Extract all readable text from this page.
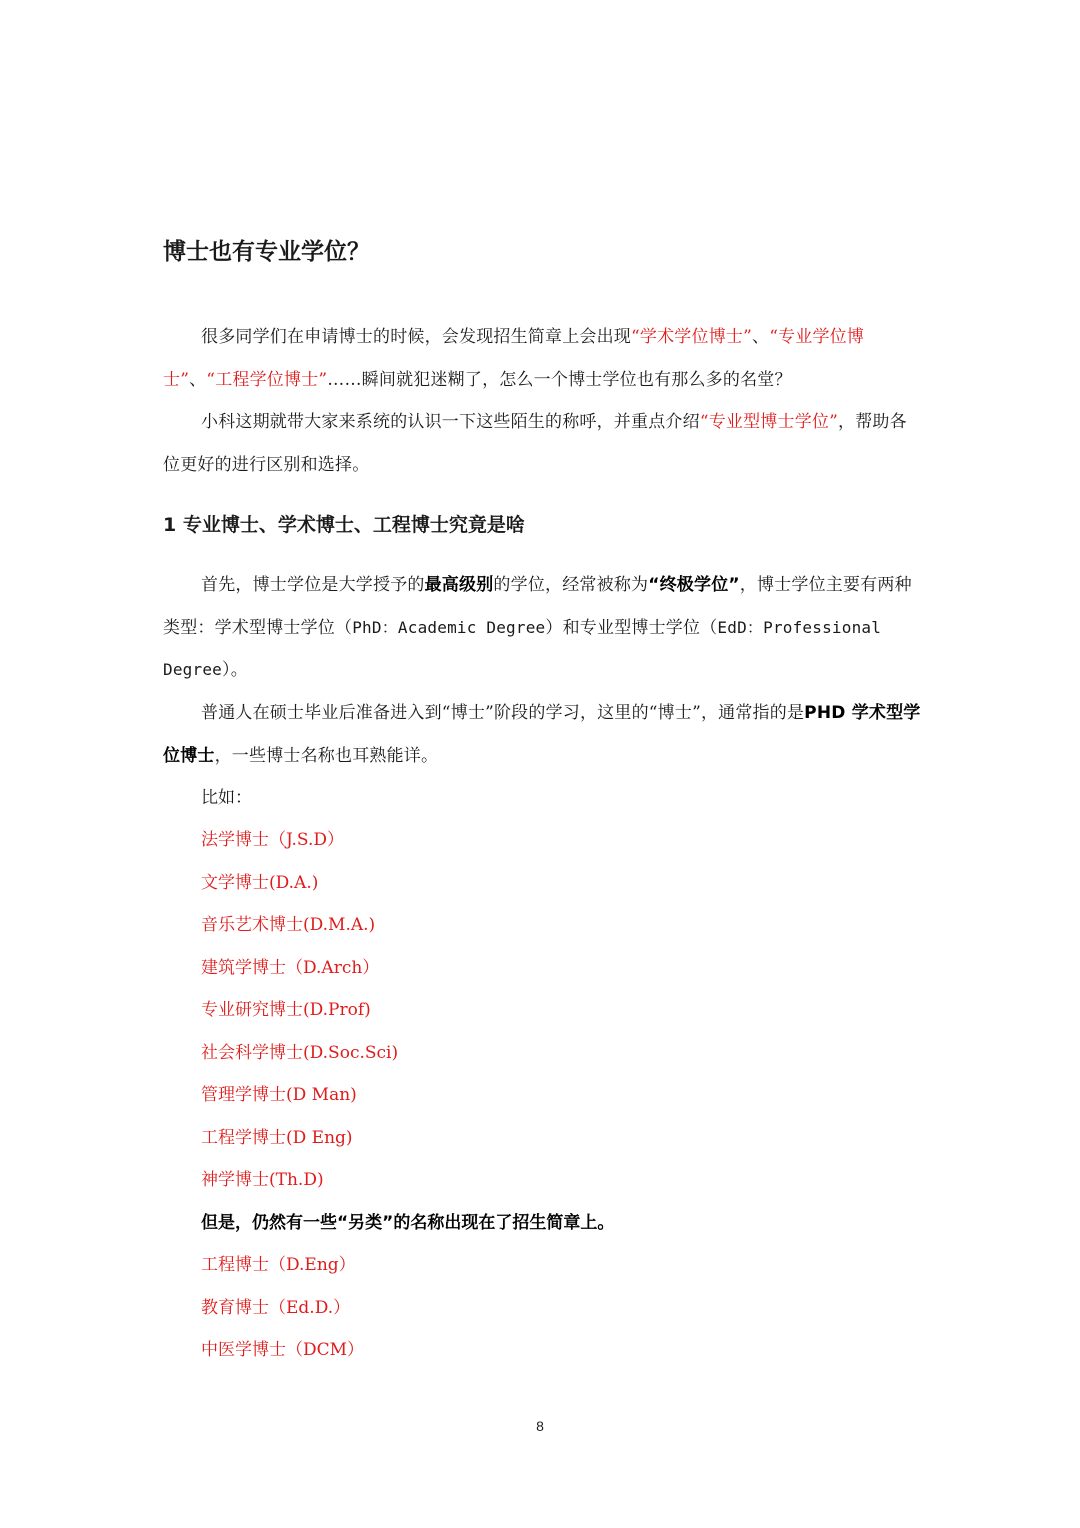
博士也有专业学位？

很多同学们在申请博士的时候，会发现招生简章上会出现“学术学位博士”、“专业学位博士”、“工程学位博士”……瞬间就犯迷糊了，怎么一个博士学位也有那么多的名堂？

小科这期就带大家来系统的认识一下这些陌生的称呼，并重点介绍“专业型博士学位”，帮助各位更好的进行区别和选择。

1 专业博士、学术博士、工程博士究竟是啥

首先，博士学位是大学授予的最高级别的学位，经常被称为“终极学位”，博士学位主要有两种类型：学术型博士学位（PhD：Academic Degree）和专业型博士学位（EdD：Professional Degree）。

普通人在硕士毕业后准备进入到“博士”阶段的学习，这里的“博士”，通常指的是PHD 学术型学位博士，一些博士名称也耳熟能详。

比如：
法学博士（J.S.D）
文学博士(D.A.)
音乐艺术博士(D.M.A.)
建筑学博士（D.Arch）
专业研究博士(D.Prof)
社会科学博士(D.Soc.Sci)
管理学博士(D Man)
工程学博士(D Eng)
神学博士(Th.D)
但是，仍然有一些“另类”的名称出现在了招生简章上。
工程博士（D.Eng）
教育博士（Ed.D.）
中医学博士（DCM）
8
